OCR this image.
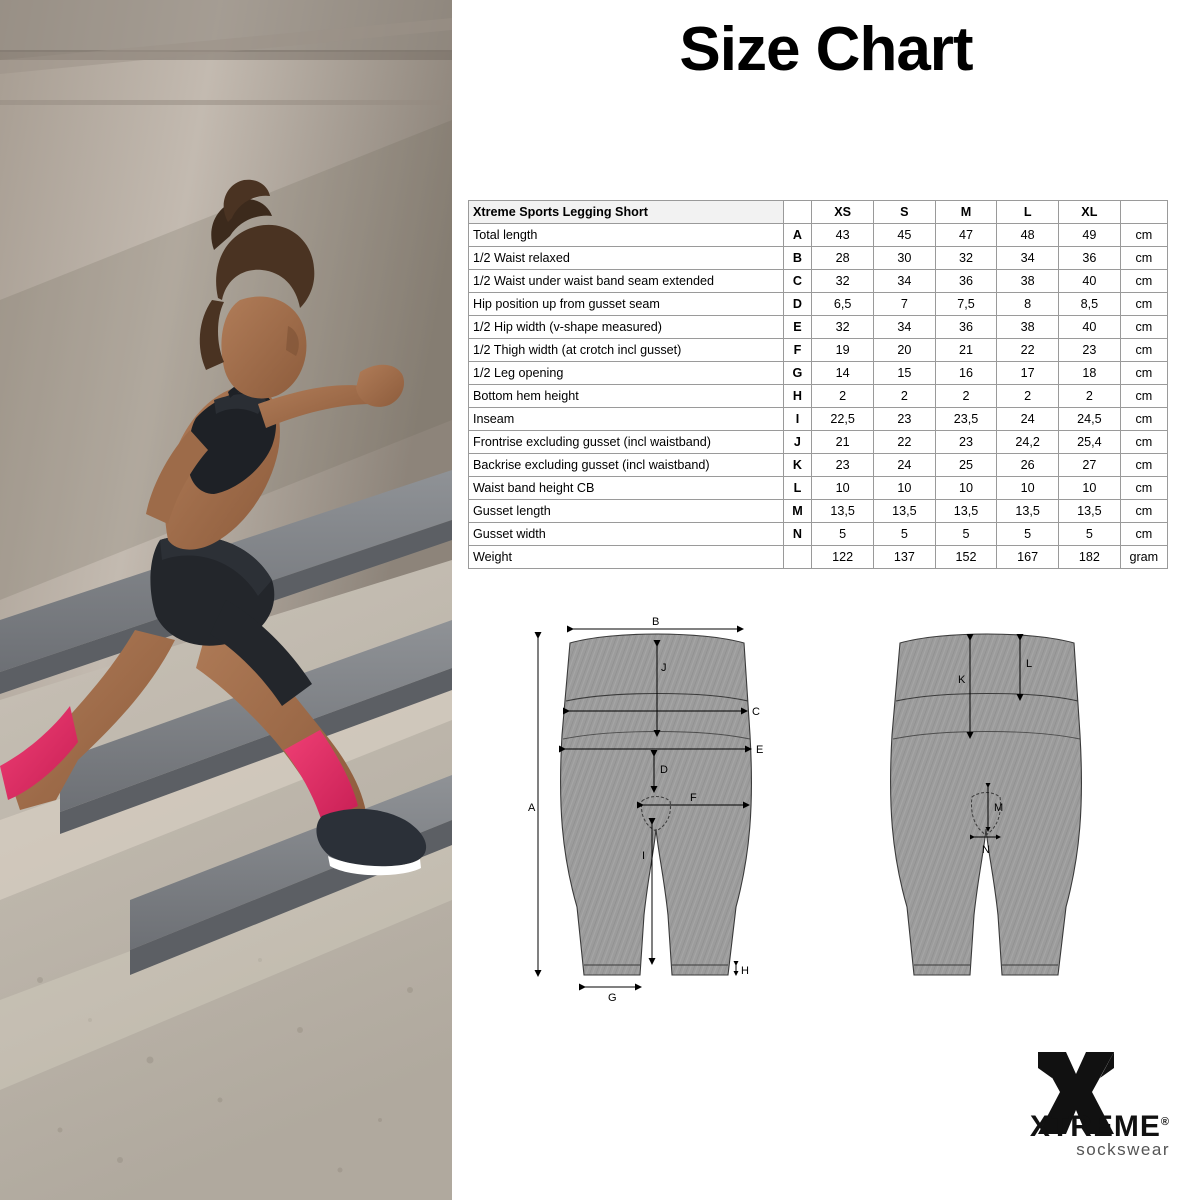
Size Chart
Xtreme Sports Legging Short		XS	S	M	L	XL	
Total length	A	43	45	47	48	49	cm
1/2 Waist relaxed	B	28	30	32	34	36	cm
1/2 Waist under waist band seam extended	C	32	34	36	38	40	cm
Hip position up from gusset seam	D	6,5	7	7,5	8	8,5	cm
1/2 Hip width (v-shape measured)	E	32	34	36	38	40	cm
1/2 Thigh width (at crotch incl gusset)	F	19	20	21	22	23	cm
1/2 Leg opening	G	14	15	16	17	18	cm
Bottom hem height	H	2	2	2	2	2	cm
Inseam	I	22,5	23	23,5	24	24,5	cm
Frontrise excluding gusset (incl waistband)	J	21	22	23	24,2	25,4	cm
Backrise excluding gusset (incl waistband)	K	23	24	25	26	27	cm
Waist band height CB	L	10	10	10	10	10	cm
Gusset length	M	13,5	13,5	13,5	13,5	13,5	cm
Gusset width	N	5	5	5	5	5	cm
Weight		122	137	152	167	182	gram
A
B
J
C
E
D
F
I
G
H
K
L
M
N
XTREME®
sockswear
